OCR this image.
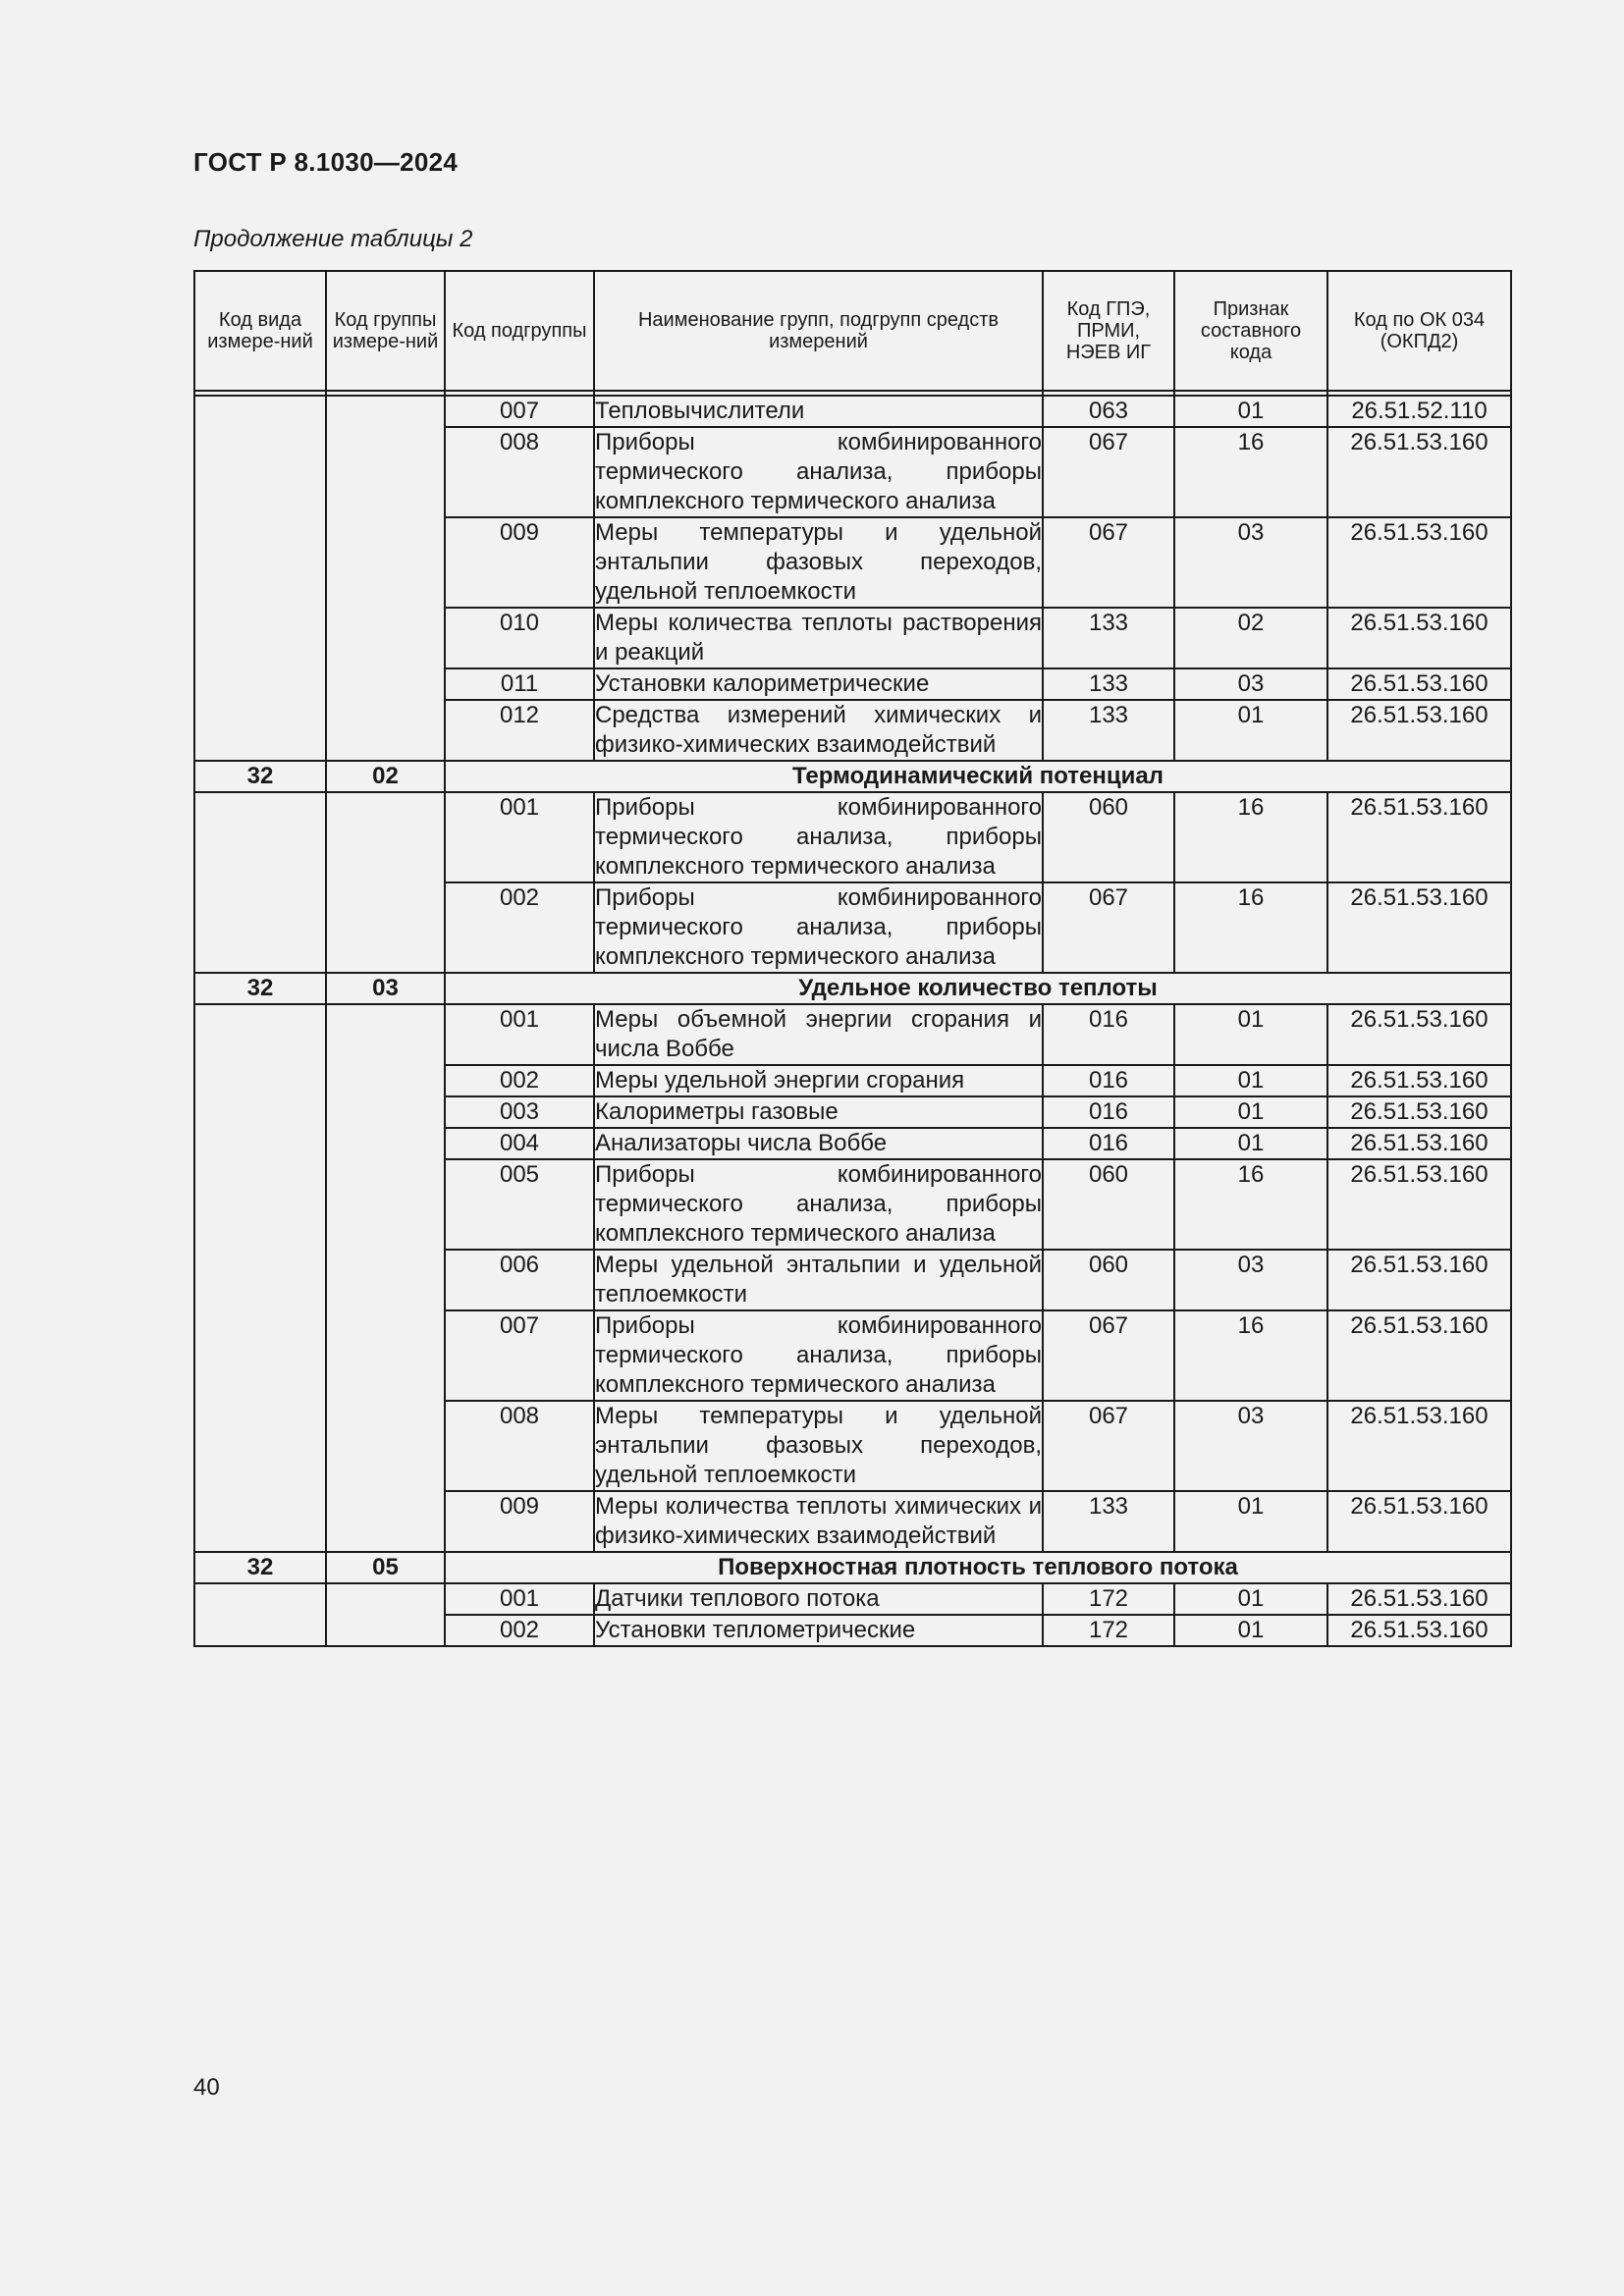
ГОСТ Р 8.1030—2024
Продолжение таблицы 2
Код вида измере-ний	Код группы измере-ний	Код подгруппы	Наименование групп, подгрупп средств измерений	Код ГПЭ, ПРМИ, НЭЕВ ИГ	Признак составного кода	Код по ОК 034 (ОКПД2)

		007	Тепловычислители	063	01	26.51.52.110
		008	Приборы комбинированного термического анализа, приборы комплексного термического анализа	067	16	26.51.53.160
		009	Меры температуры и удельной энтальпии фазовых переходов, удельной теплоемкости	067	03	26.51.53.160
		010	Меры количества теплоты растворения и реакций	133	02	26.51.53.160
		011	Установки калориметрические	133	03	26.51.53.160
		012	Средства измерений химических и физико-химических взаимодействий	133	01	26.51.53.160
32	02	Термодинамический потенциал				
		001	Приборы комбинированного термического анализа, приборы комплексного термического анализа	060	16	26.51.53.160
		002	Приборы комбинированного термического анализа, приборы комплексного термического анализа	067	16	26.51.53.160
32	03	Удельное количество теплоты				
		001	Меры объемной энергии сгорания и числа Воббе	016	01	26.51.53.160
		002	Меры удельной энергии сгорания	016	01	26.51.53.160
		003	Калориметры газовые	016	01	26.51.53.160
		004	Анализаторы числа Воббе	016	01	26.51.53.160
		005	Приборы комбинированного термического анализа, приборы комплексного термического анализа	060	16	26.51.53.160
		006	Меры удельной энтальпии и удельной теплоемкости	060	03	26.51.53.160
		007	Приборы комбинированного термического анализа, приборы комплексного термического анализа	067	16	26.51.53.160
		008	Меры температуры и удельной энтальпии фазовых переходов, удельной теплоемкости	067	03	26.51.53.160
		009	Меры количества теплоты химических и физико-химических взаимодействий	133	01	26.51.53.160
32	05	Поверхностная плотность теплового потока				
		001	Датчики теплового потока	172	01	26.51.53.160
		002	Установки теплометрические	172	01	26.51.53.160
40
